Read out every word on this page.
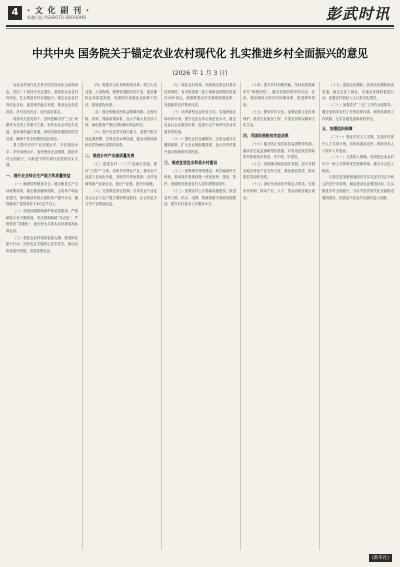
4	· 文 化 副 刊 ·
新疆日报 ASHBOTO BBOHDMB	彭武时讯
中共中央 国务院关于锚定农业农村现代化 扎实推进乡村全面振兴的意见
(2026 年 1 月 3 日)

农业农村现代化关系中国式现代化全局和成色。党的二十届四中全会提出，要加快农业农村现代化，扎实推进乡村全面振兴。锚定农业农村现代化目标，促进城乡融合发展，推动农业高质高效、乡村宜居宜业、农民富裕富足。

现将有关意见如下。坚持把解决好“三农”问题作为全党工作重中之重，坚持农业农村优先发展，坚持城乡融合发展，持续巩固拓展脱贫攻坚成果，确保不发生规模性返贫致贫。

着力提升乡村产业发展水平、乡村建设水平、乡村治理水平，加快建设农业强国，推进乡村全面振兴，为推进中国式现代化提供坚实支撑。

一、提升农业综合生产能力和质量效益

（一）确保国家粮食安全。健全粮食生产支持政策体系，稳定粮食播种面积，主攻单产和品质提升，推动粮油作物大面积单产提升行动，确保粮食产量保持在1.4万亿斤以上。

（二）持续加强耕地保护和质量建设。严格耕地占补平衡管理，坚决遏制耕地“非农化”、严格管控“非粮化”，逐步把永久基本农田建成高标准农田。

（三）强化农业科技和装备支撑。推进种业振兴行动，加快农业关键核心技术攻关，推动农机装备补短板，发展智慧农业。

（四）构建多元化食物供给体系。树立大农业观、大食物观，统筹发展粮经饲产业，促进畜牧业高质量发展，发展现代设施农业和林下经济，拓展食物来源。

（五）健全种粮农民收益保障机制。完善价格、补贴、保险政策体系，加大产粮大县支持力度，深化粮食产销区省际横向利益补偿。

（六）提升农业防灾减灾能力。加强气象灾害监测预警，完善农田水利设施，健全动物疫病和农作物病虫害防控体系。

二、推进乡村产业高质量发展

（七）促进农村一二三产业融合发展。做好“土特产”文章，培育乡村特色产业，推动农产品加工业优化升级，发展乡村休闲旅游、农村电商等新产业新业态，延长产业链、提升价值链。

（八）完善联农带农机制。引导农业产业化龙头企业与农户建立紧密利益联结，让农民更多分享产业增值收益。

（九）深化农村改革。巩固和完善农村基本经营制度，有序推进第二轮土地承包到期后再延长30年试点，稳慎推进农村宅基地制度改革，发展新型农村集体经济。

（十）培育新型农业经营主体。实施家庭农场培育计划，提升农民合作社规范化水平，健全农业社会化服务体系，促进小农户和现代农业发展有机衔接。

（十一）强化农村金融服务。完善金融支农激励政策，扩大农业保险覆盖面，加大对乡村振兴重点领域的信贷投放。

三、推进宜居宜业和美乡村建设

（十二）统筹城乡规划建设。科学编制村庄规划，推动城乡基础设施一体化规划、建设、管护，因地制宜推进农村人居环境整治提升。

（十三）加强农村公共基础设施建设。推进农村公路、供水、电网、物流和数字基础设施建设，提升农村基本公共服务水平。

（十四）提升乡村治理效能。坚持和发展新时代“枫桥经验”，健全党组织领导的自治、法治、德治相结合的乡村治理体系，推进移风易俗。

（十五）繁荣乡村文化。加强农耕文化传承保护，推进文化惠民工程，丰富农民群众精神文化生活。

四、巩固拓展脱贫攻坚成果

（十六）健全防止返贫致贫监测帮扶机制。落实常态化监测和帮扶措施，对有返贫致贫风险的对象做到早发现、早干预、早帮扶。

（十七）持续推动脱贫地区发展。加大对脱贫地区特色产业支持力度，强化就业帮扶，推动脱贫县加快发展。

（十八）深化东西部协作和定点帮扶。完善协作机制，推动产业、人才、资金向脱贫地区流动。

（十九）促进农民增收。拓宽农民增收致富渠道，稳定农民工就业，实施农民增收促进行动，加强农村低收入人口常态化帮扶。

（二十）加强党对“三农”工作的全面领导。健全党领导农村工作的组织体系、制度体系和工作机制，压实各级党委和政府责任。

五、加强组织保障

（二十一）强化乡村人才支撑。实施乡村振兴人才支持计划，培育高素质农民，鼓励各类人才返乡入乡创业。

（二十二）完善投入保障。坚持把农业农村作为一般公共预算优先保障领域，健全多元投入格局。

让我们更加紧密地团结在以习近平同志为核心的党中央周围，锚定建设农业强国目标，扎实推进乡村全面振兴，为以中国式现代化全面推进强国建设、民族复兴伟业作出新的更大贡献。

(新华社)
